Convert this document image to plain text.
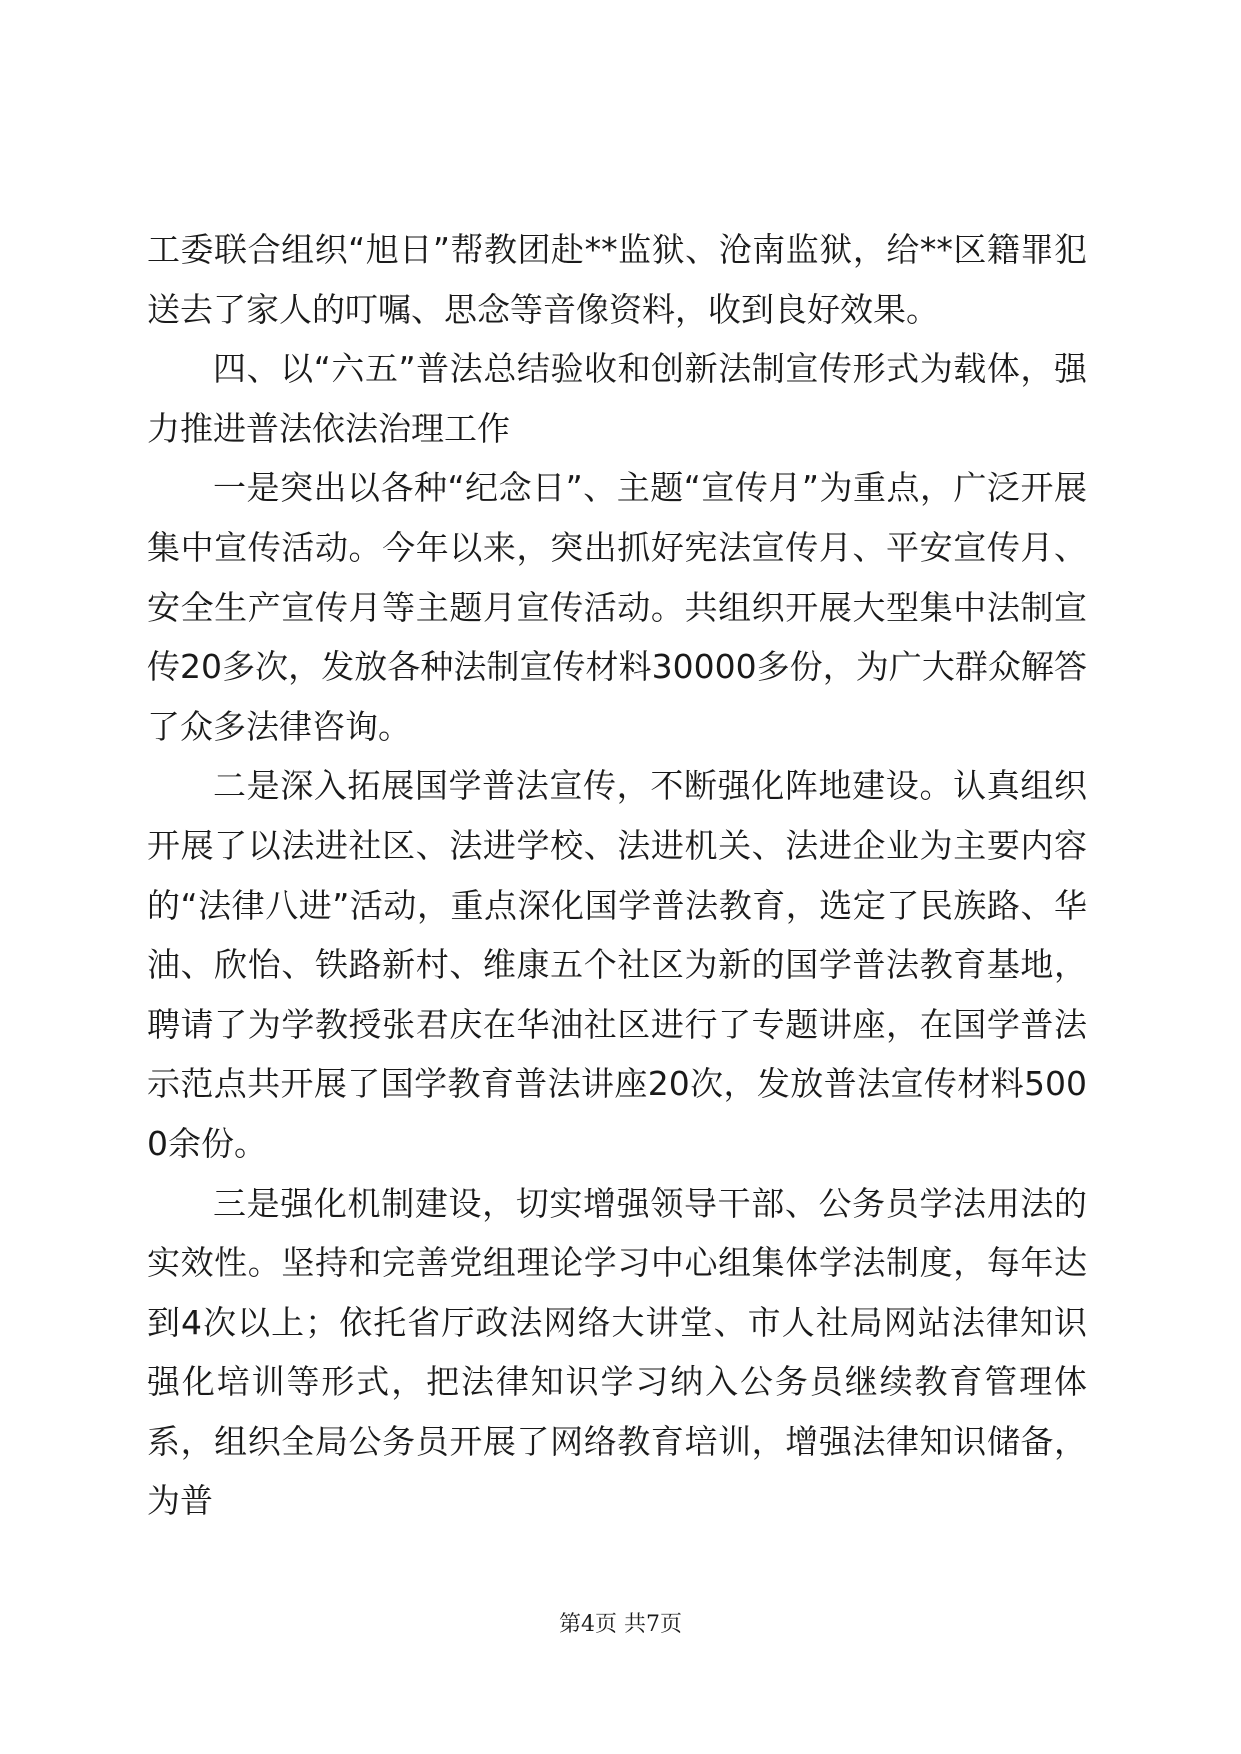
工委联合组织“旭日”帮教团赴**监狱、沧南监狱，给**区籍罪犯送去了家人的叮嘱、思念等音像资料，收到良好效果。

四、以“六五”普法总结验收和创新法制宣传形式为载体，强力推进普法依法治理工作

一是突出以各种“纪念日”、主题“宣传月”为重点，广泛开展集中宣传活动。今年以来，突出抓好宪法宣传月、平安宣传月、安全生产宣传月等主题月宣传活动。共组织开展大型集中法制宣传20多次，发放各种法制宣传材料30000多份，为广大群众解答了众多法律咨询。

二是深入拓展国学普法宣传，不断强化阵地建设。认真组织开展了以法进社区、法进学校、法进机关、法进企业为主要内容的“法律八进”活动，重点深化国学普法教育，选定了民族路、华油、欣怡、铁路新村、维康五个社区为新的国学普法教育基地，聘请了为学教授张君庆在华油社区进行了专题讲座，在国学普法示范点共开展了国学教育普法讲座20次，发放普法宣传材料5000余份。

三是强化机制建设，切实增强领导干部、公务员学法用法的实效性。坚持和完善党组理论学习中心组集体学法制度，每年达到4次以上；依托省厅政法网络大讲堂、市人社局网站法律知识强化培训等形式，把法律知识学习纳入公务员继续教育管理体系，组织全局公务员开展了网络教育培训，增强法律知识储备，为普

第4页 共7页
